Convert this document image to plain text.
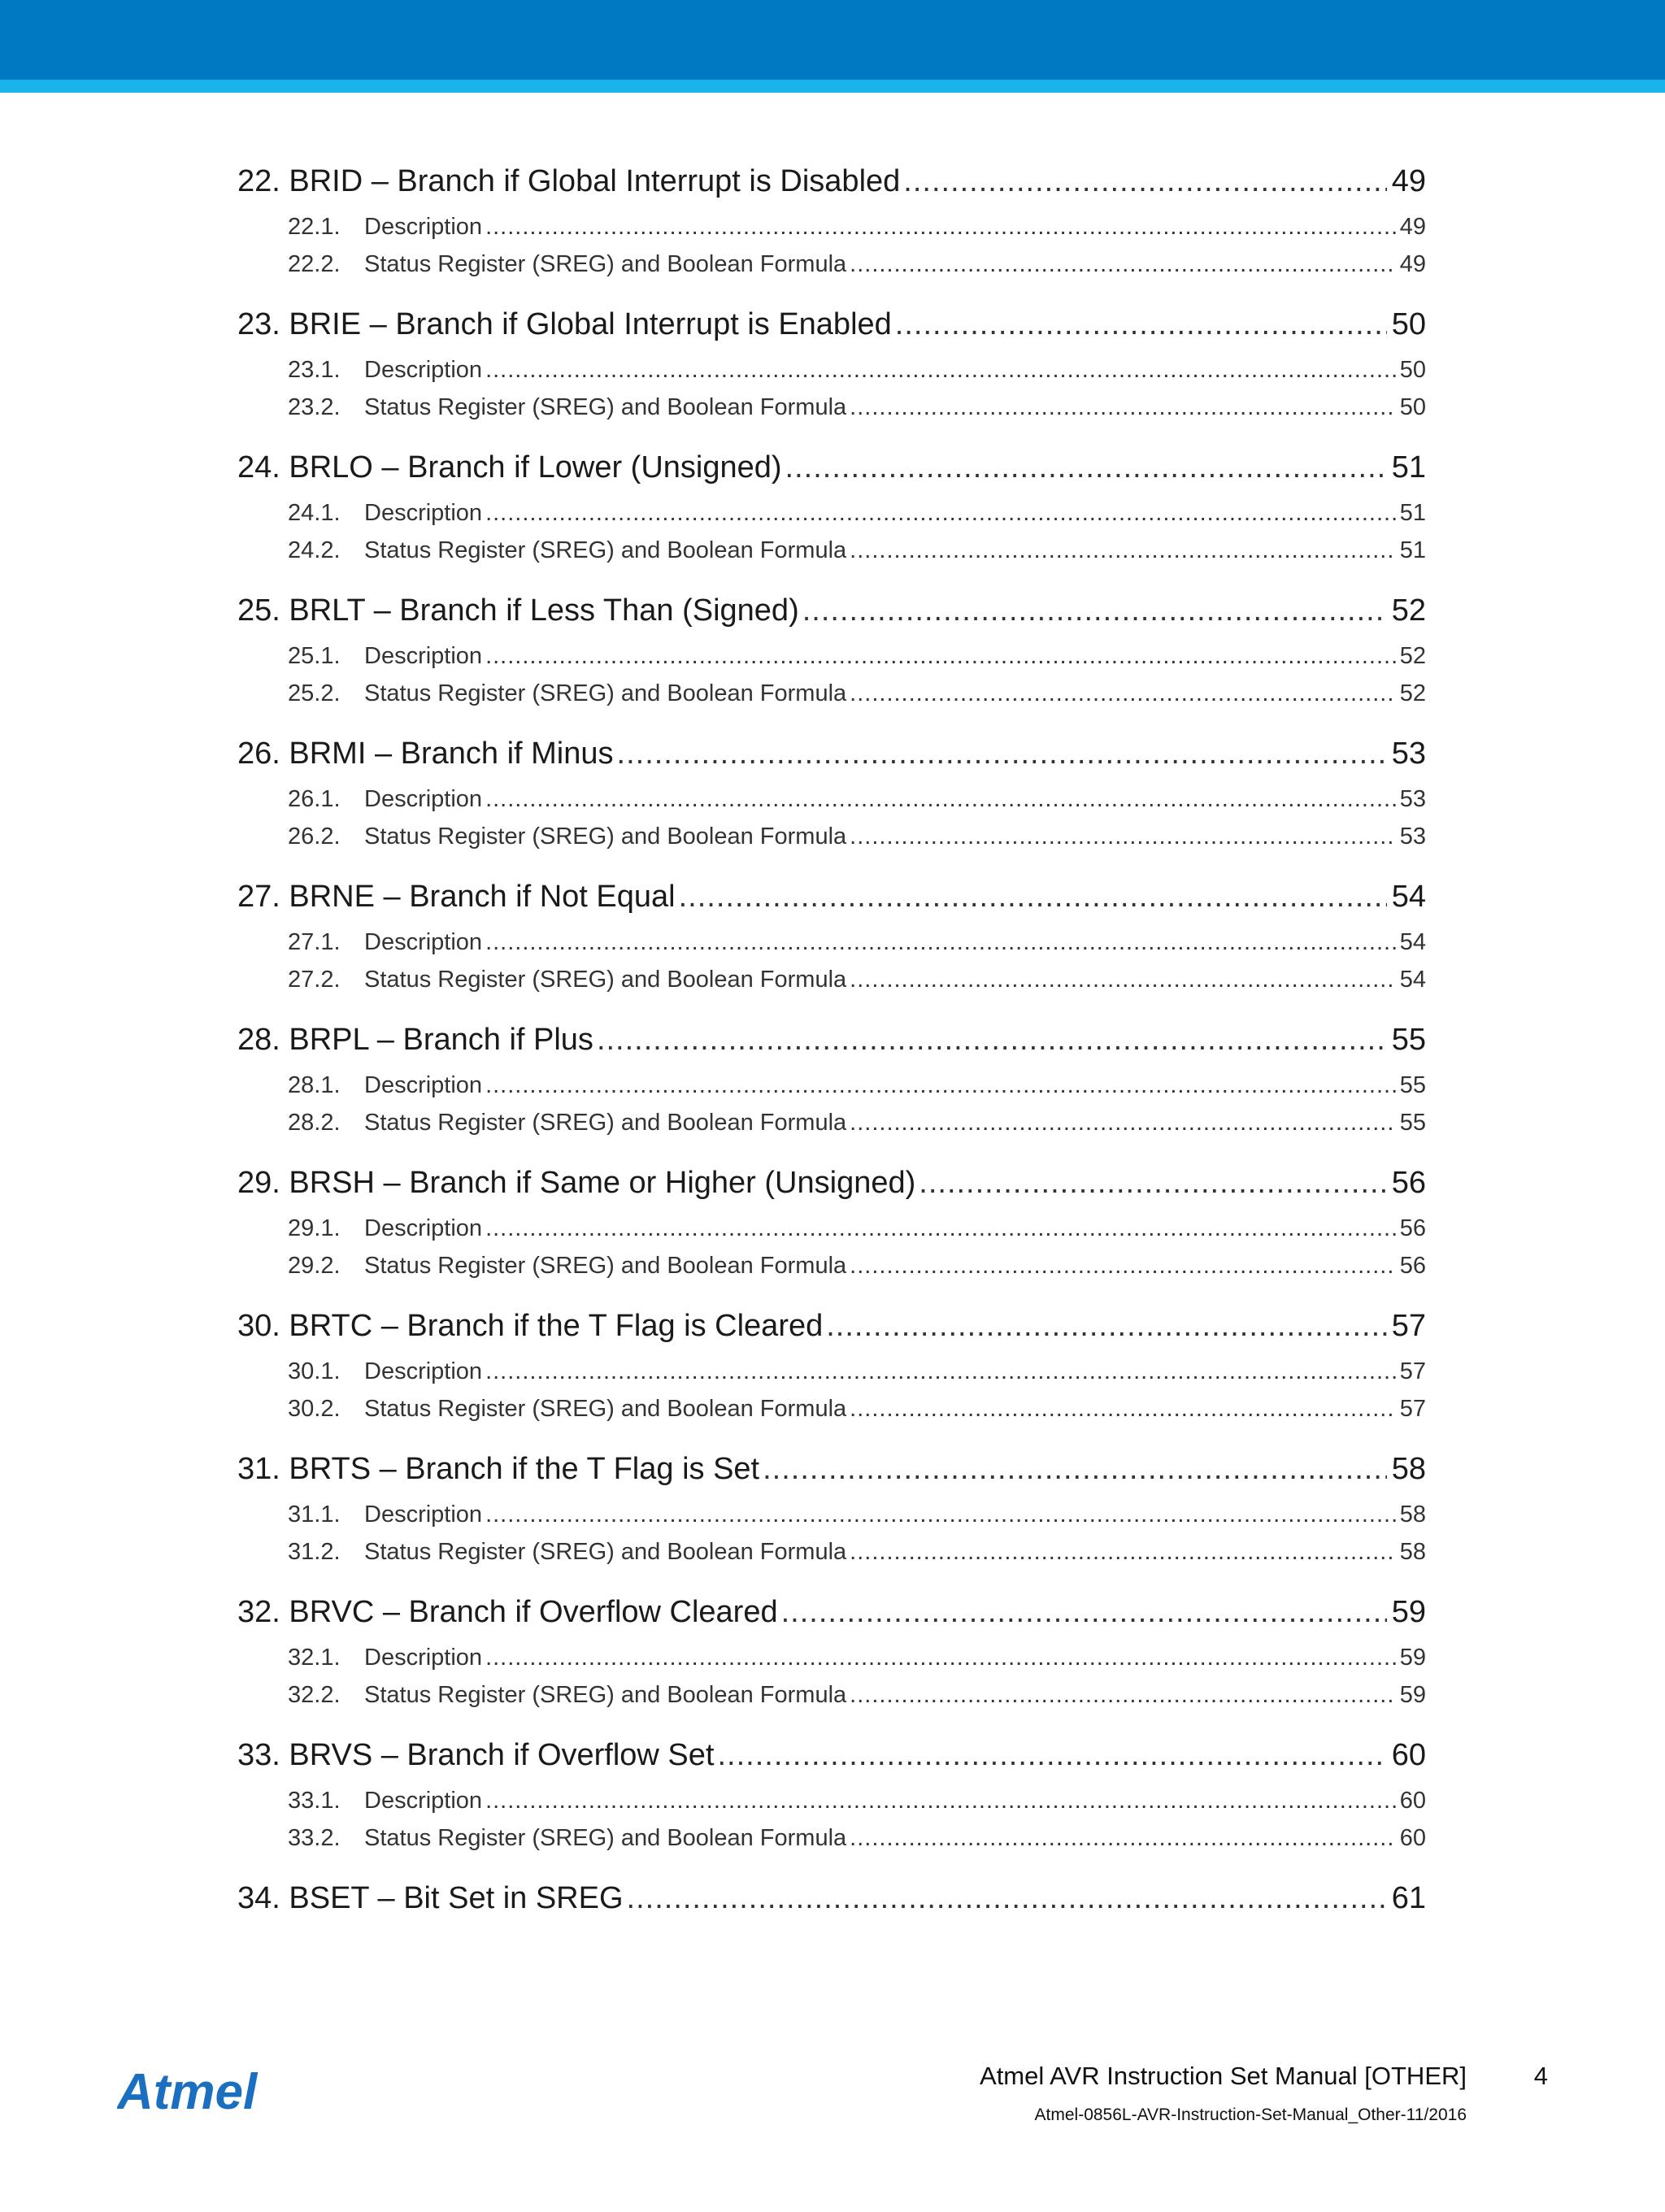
22. BRID – Branch if Global Interrupt is Disabled .....	49
22.1.	Description .....	49
22.2.	Status Register (SREG) and Boolean Formula .....	49
23. BRIE – Branch if Global Interrupt is Enabled .....	50
23.1.	Description .....	50
23.2.	Status Register (SREG) and Boolean Formula .....	50
24. BRLO – Branch if Lower (Unsigned) .....	51
24.1.	Description .....	51
24.2.	Status Register (SREG) and Boolean Formula .....	51
25. BRLT – Branch if Less Than (Signed) .....	52
25.1.	Description .....	52
25.2.	Status Register (SREG) and Boolean Formula .....	52
26. BRMI – Branch if Minus .....	53
26.1.	Description .....	53
26.2.	Status Register (SREG) and Boolean Formula .....	53
27. BRNE – Branch if Not Equal .....	54
27.1.	Description .....	54
27.2.	Status Register (SREG) and Boolean Formula .....	54
28. BRPL – Branch if Plus .....	55
28.1.	Description .....	55
28.2.	Status Register (SREG) and Boolean Formula .....	55
29. BRSH – Branch if Same or Higher (Unsigned) .....	56
29.1.	Description .....	56
29.2.	Status Register (SREG) and Boolean Formula .....	56
30. BRTC – Branch if the T Flag is Cleared .....	57
30.1.	Description .....	57
30.2.	Status Register (SREG) and Boolean Formula .....	57
31. BRTS – Branch if the T Flag is Set .....	58
31.1.	Description .....	58
31.2.	Status Register (SREG) and Boolean Formula .....	58
32. BRVC – Branch if Overflow Cleared .....	59
32.1.	Description .....	59
32.2.	Status Register (SREG) and Boolean Formula .....	59
33. BRVS – Branch if Overflow Set .....	60
33.1.	Description .....	60
33.2.	Status Register (SREG) and Boolean Formula .....	60
34. BSET – Bit Set in SREG .....	61
Atmel	Atmel AVR Instruction Set Manual [OTHER]	4
Atmel-0856L-AVR-Instruction-Set-Manual_Other-11/2016
